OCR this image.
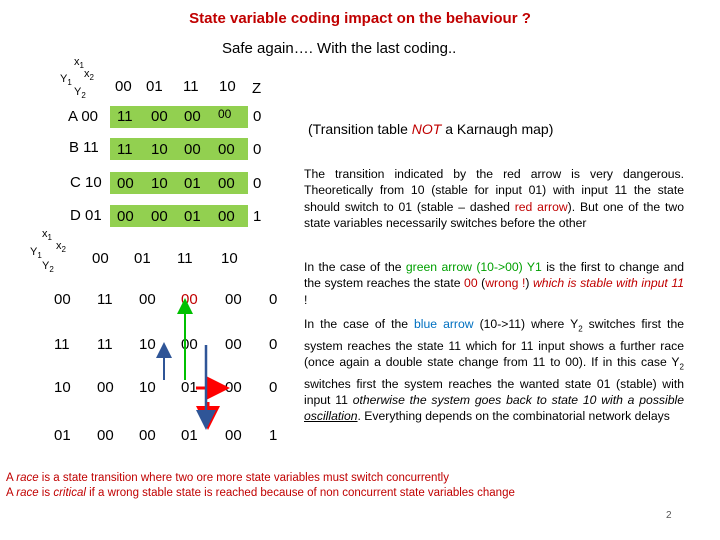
State variable coding impact on the behaviour ?
Safe again…. With the last coding..
$x_1$
$x_2$
$Y_1$
$Y_2$
00 01 11 10 Z
A 00 11 00 00 00 0
B 11 11 10 00 00 0
C 10 00 10 01 00 0
D 01 00 00 01 00 1
(Transition table NOT a Karnaugh map)
$x_1$
$x_2$
$Y_1$
$Y_2$
00 01 11 10
00 11 00 00 00 0
11 11 10 00 00 0
10 00 10 01 00 0
01 00 00 01 00 1
The transition indicated by the red arrow is very dangerous. Theoretically from 10 (stable for input 01) with input 11 the state should switch to 01 (stable – dashed red arrow). But one of the two state variables necessarily switches before the other
In the case of the green arrow (10->00) Y1 is the first to change and the system reaches the state 00 (wrong !) which is stable with input 11 !
In the case of the blue arrow (10->11) where $Y_2$ switches first the system reaches the state 11 which for 11 input shows a further race (once again a double state change from 11 to 00). If in this case $Y_2$ switches first the system reaches the wanted state 01 (stable) with input 11 otherwise the system goes back to state 10 with a possible oscillation. Everything depends on the combinatorial network delays
A race is a state transition where two ore more state variables must switch concurrently
A race is critical if a wrong stable state is reached because of non concurrent state variables change
2
